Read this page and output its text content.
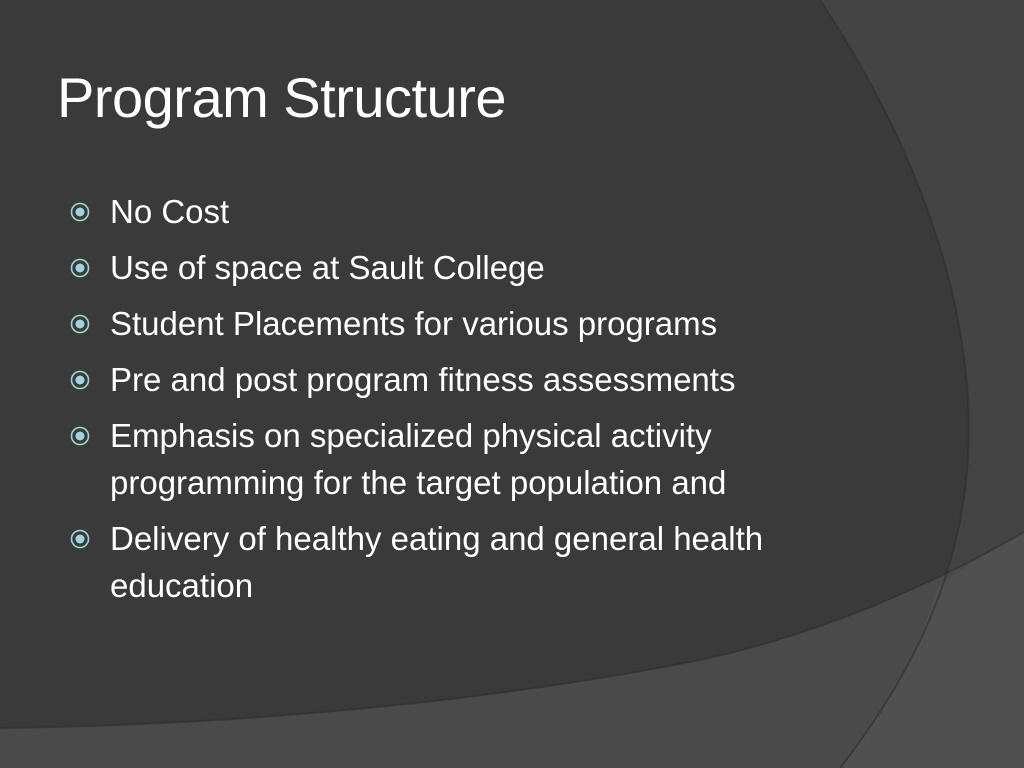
Program Structure
No Cost
Use of space at Sault College
Student Placements for various programs
Pre and post program fitness assessments
Emphasis on specialized physical activity programming for the target population and
Delivery of healthy eating and general health education
